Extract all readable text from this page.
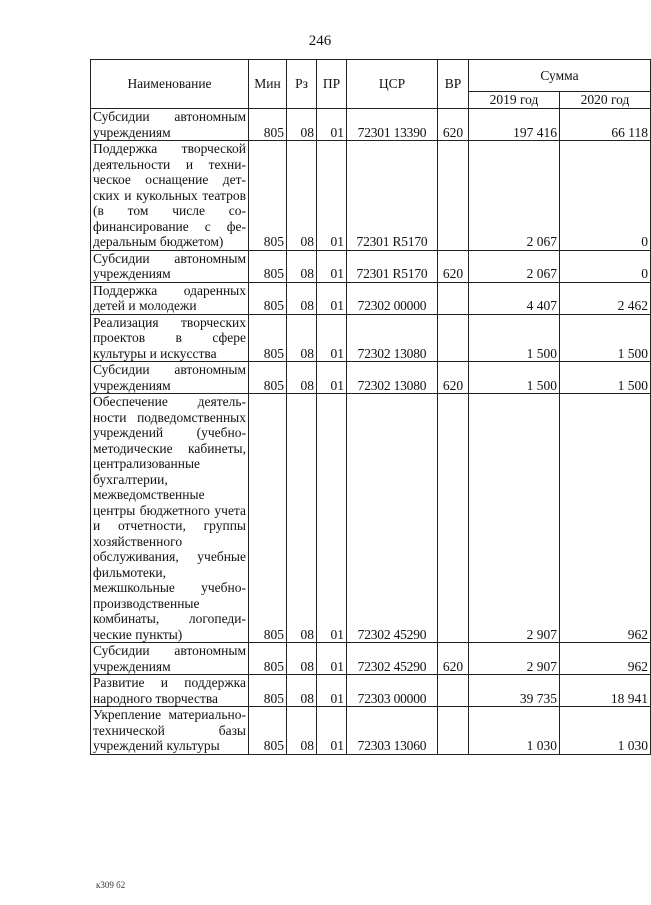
246
Наименование	Мин	Рз	ПР	ЦСР	ВР	Сумма	
						2019 год	2020 год
Субсидии автономным учреждениям	805	08	01	72301 13390	620	197 416	66 118
Поддержка творческой деятельности и техническое оснащение детских и кукольных театров (в том числе софинансирование с федеральным бюджетом)	805	08	01	72301 R5170		2 067	0
Субсидии автономным учреждениям	805	08	01	72301 R5170	620	2 067	0
Поддержка одаренных детей и молодежи	805	08	01	72302 00000		4 407	2 462
Реализация творческих проектов в сфере культуры и искусства	805	08	01	72302 13080		1 500	1 500
Субсидии автономным учреждениям	805	08	01	72302 13080	620	1 500	1 500
Обеспечение деятельности подведомственных учреждений (учебно-методические кабинеты, централизованные бухгалтерии, межведомственные центры бюджетного учета и отчетности, группы хозяйственного обслуживания, учебные фильмотеки, межшкольные учебно-производственные комбинаты, логопедические пункты)	805	08	01	72302 45290		2 907	962
Субсидии автономным учреждениям	805	08	01	72302 45290	620	2 907	962
Развитие и поддержка народного творчества	805	08	01	72303 00000		39 735	18 941
Укрепление материально-технической базы учреждений культуры	805	08	01	72303 13060		1 030	1 030
к309 б2
